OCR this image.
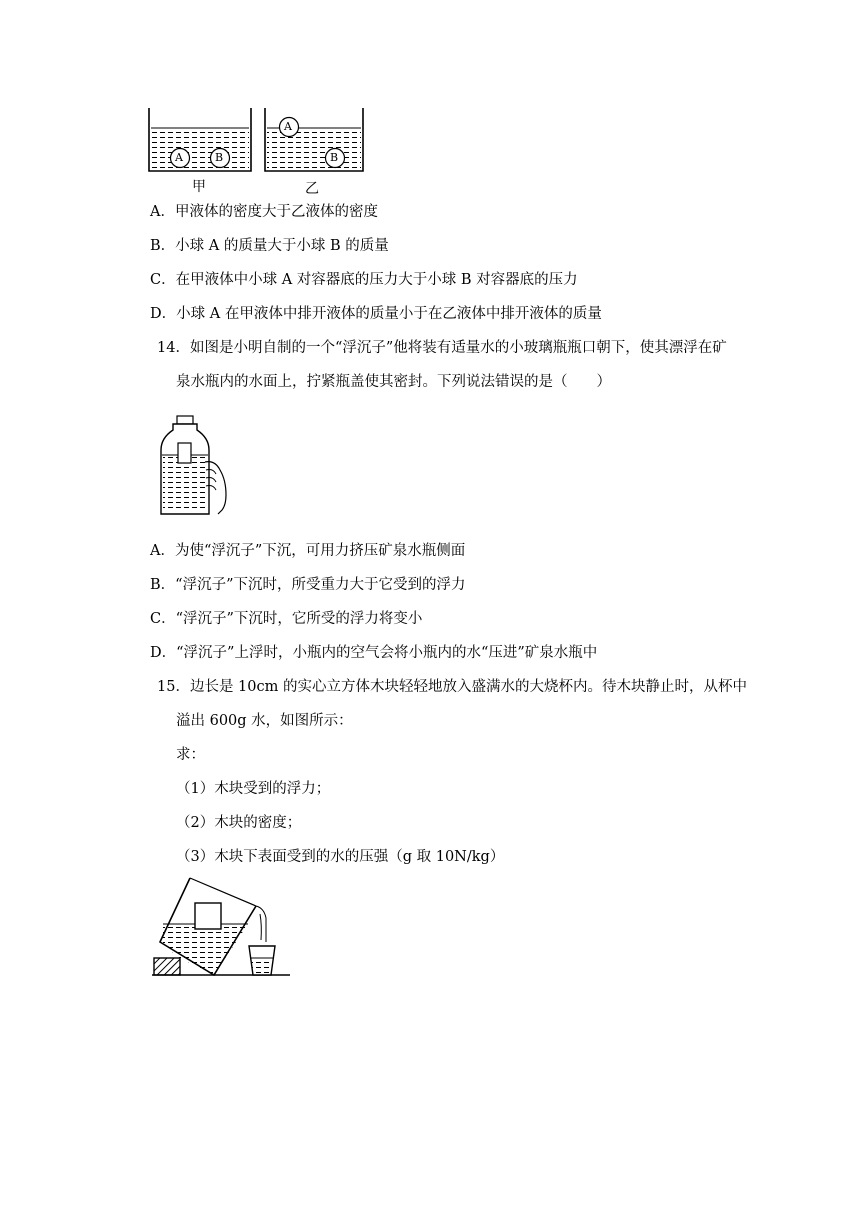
A	B
A
B
甲	乙
A．甲液体的密度大于乙液体的密度
B．小球 A 的质量大于小球 B 的质量
C．在甲液体中小球 A 对容器底的压力大于小球 B 对容器底的压力
D．小球 A 在甲液体中排开液体的质量小于在乙液体中排开液体的质量
14．如图是小明自制的一个“浮沉子”他将装有适量水的小玻璃瓶瓶口朝下，使其漂浮在矿
泉水瓶内的水面上，拧紧瓶盖使其密封。下列说法错误的是（　　）
A．为使“浮沉子”下沉，可用力挤压矿泉水瓶侧面
B．“浮沉子”下沉时，所受重力大于它受到的浮力
C．“浮沉子”下沉时，它所受的浮力将变小
D．“浮沉子”上浮时，小瓶内的空气会将小瓶内的水“压进”矿泉水瓶中
15．边长是 10cm 的实心立方体木块轻轻地放入盛满水的大烧杯内。待木块静止时，从杯中
溢出 600g 水，如图所示：
求：
（1）木块受到的浮力；
（2）木块的密度；
（3）木块下表面受到的水的压强（g 取 10N/kg）
